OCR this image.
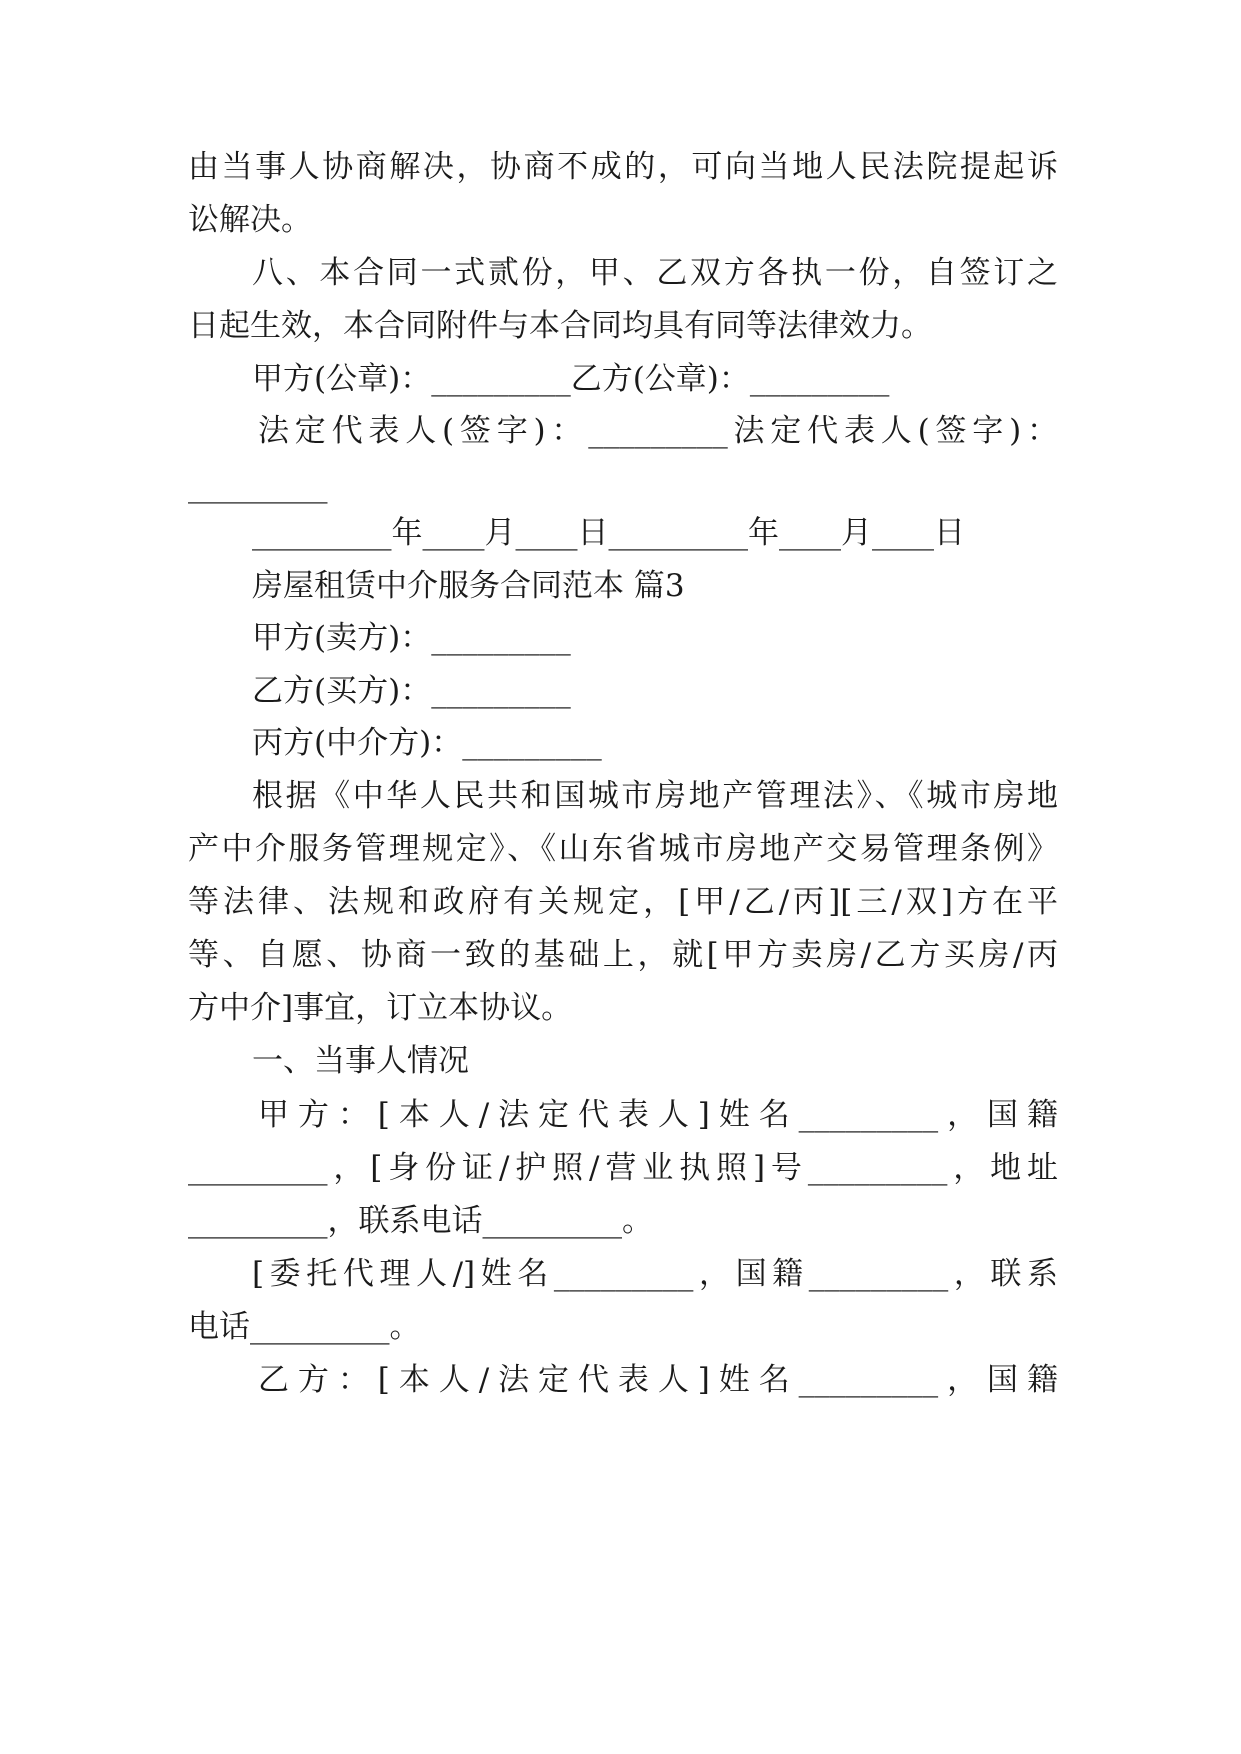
由当事人协商解决，协商不成的，可向当地人民法院提起诉
讼解决。
八、本合同一式贰份，甲、乙双方各执一份，自签订之
日起生效，本合同附件与本合同均具有同等法律效力。
甲方(公章)：_________乙方(公章)：_________
法定代表人(签字)：_________法定代表人(签字)：
_________
_________年____月____日_________年____月____日
房屋租赁中介服务合同范本 篇3
甲方(卖方)：_________
乙方(买方)：_________
丙方(中介方)：_________
根据《中华人民共和国城市房地产管理法》、《城市房地
产中介服务管理规定》、《山东省城市房地产交易管理条例》
等法律、法规和政府有关规定，[甲/乙/丙][三/双]方在平
等、自愿、协商一致的基础上，就[甲方卖房/乙方买房/丙
方中介]事宜，订立本协议。
一、当事人情况
甲方：[本人/法定代表人]姓名_________，国籍
_________，[身份证/护照/营业执照]号_________，地址
_________，联系电话_________。
[委托代理人/]姓名_________，国籍_________，联系
电话_________。
乙方：[本人/法定代表人]姓名_________，国籍
